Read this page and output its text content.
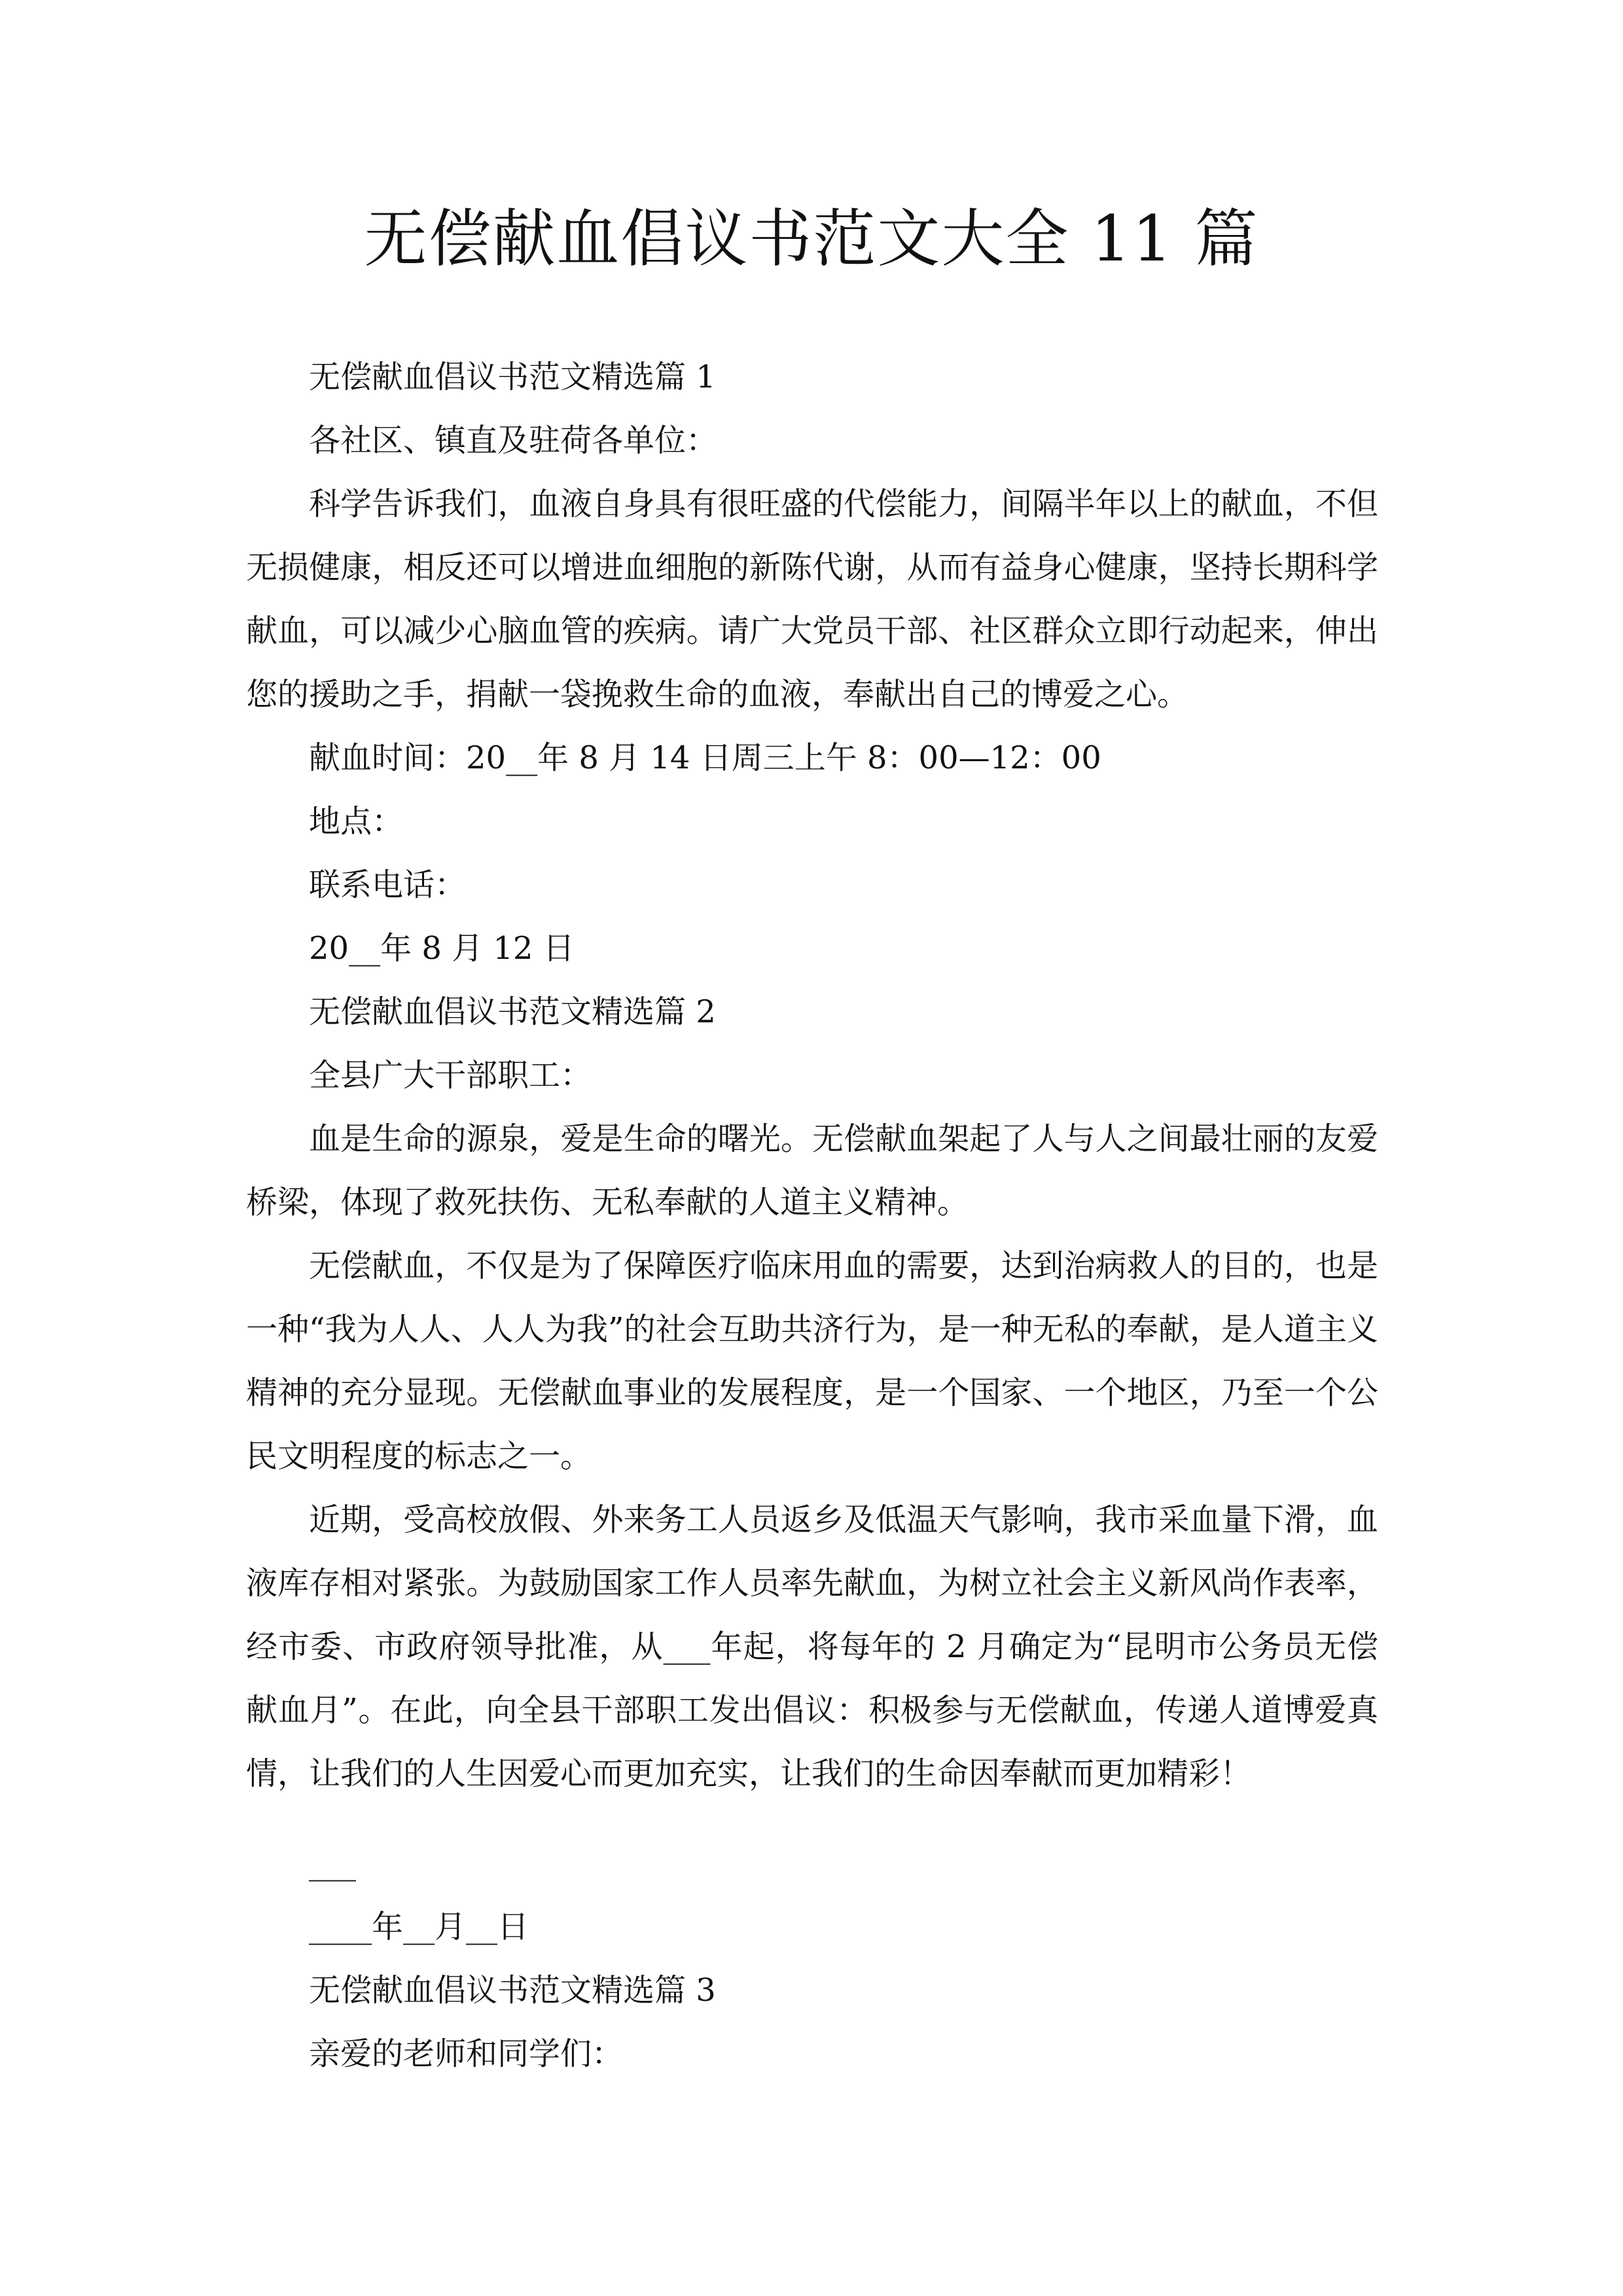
无偿献血倡议书范文大全 11 篇

无偿献血倡议书范文精选篇 1

各社区、镇直及驻荷各单位：

科学告诉我们，血液自身具有很旺盛的代偿能力，间隔半年以上的献血，不但无损健康，相反还可以增进血细胞的新陈代谢，从而有益身心健康，坚持长期科学献血，可以减少心脑血管的疾病。请广大党员干部、社区群众立即行动起来，伸出您的援助之手，捐献一袋挽救生命的血液，奉献出自己的博爱之心。

献血时间：20__年 8 月 14 日周三上午 8：00—12：00

地点：

联系电话：

20__年 8 月 12 日

无偿献血倡议书范文精选篇 2

全县广大干部职工：

血是生命的源泉，爱是生命的曙光。无偿献血架起了人与人之间最壮丽的友爱桥梁，体现了救死扶伤、无私奉献的人道主义精神。

无偿献血，不仅是为了保障医疗临床用血的需要，达到治病救人的目的，也是一种“我为人人、人人为我”的社会互助共济行为，是一种无私的奉献，是人道主义精神的充分显现。无偿献血事业的发展程度，是一个国家、一个地区，乃至一个公民文明程度的标志之一。

近期，受高校放假、外来务工人员返乡及低温天气影响，我市采血量下滑，血液库存相对紧张。为鼓励国家工作人员率先献血，为树立社会主义新风尚作表率，经市委、市政府领导批准，从___年起，将每年的 2 月确定为“昆明市公务员无偿献血月”。在此，向全县干部职工发出倡议：积极参与无偿献血，传递人道博爱真情，让我们的人生因爱心而更加充实，让我们的生命因奉献而更加精彩！

___

____年__月__日

无偿献血倡议书范文精选篇 3

亲爱的老师和同学们：
